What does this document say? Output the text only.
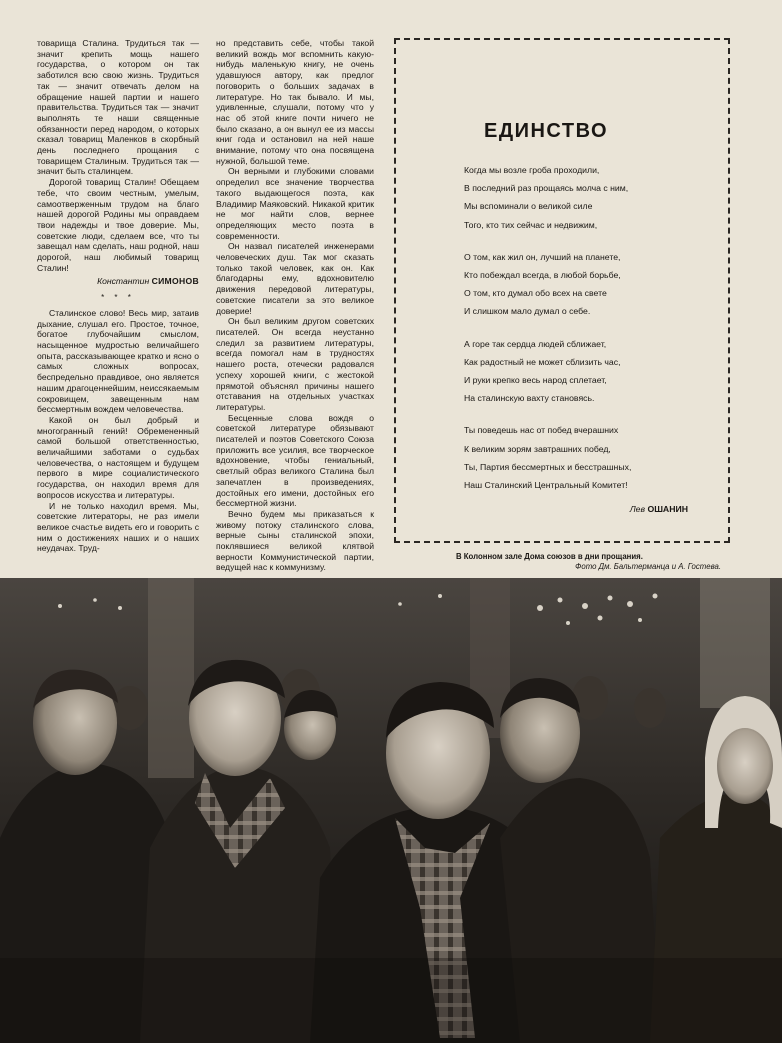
товарища Сталина. Трудиться так — значит крепить мощь нашего государства, о котором он так заботился всю свою жизнь. Трудиться так — значит отвечать делом на обращение нашей партии и нашего правительства. Трудиться так — значит выполнять те наши священные обязанности перед народом, о которых сказал товарищ Маленков в скорбный день последнего прощания с товарищем Сталиным. Трудиться так — значит быть сталинцем.

Дорогой товарищ Сталин! Обещаем тебе, что своим честным, умелым, самоотверженным трудом на благо нашей дорогой Родины мы оправдаем твои надежды и твое доверие. Мы, советские люди, сделаем все, что ты завещал нам сделать, наш родной, наш дорогой, наш любимый товарищ Сталин!

Константин СИМОНОВ
* * *

Сталинское слово! Весь мир, затаив дыхание, слушал его. Простое, точное, богатое глубочайшим смыслом, насыщенное мудростью величайшего опыта, рассказывающее кратко и ясно о самых сложных вопросах, беспредельно правдивое, оно является нашим драгоценнейшим, неиссякаемым сокровищем, завещенным нам бессмертным вождем человечества.

Какой он был добрый и многогранный гений! Обремененный самой большой ответственностью, величайшими заботами о судьбах человечества, о настоящем и будущем первого в мире социалистического государства, он находил время для вопросов искусства и литературы.

И не только находил время. Мы, советские литераторы, не раз имели великое счастье видеть его и говорить с ним о достижениях наших и о наших неудачах. Труд-

но представить себе, чтобы такой великий вождь мог вспомнить какую-нибудь маленькую книгу, не очень удавшуюся автору, как предлог поговорить о больших задачах в литературе. Но так бывало. И мы, удивленные, слушали, потому что у нас об этой книге почти ничего не было сказано, а он вынул ее из массы книг года и остановил на ней наше внимание, потому что она посвящена нужной, большой теме.

Он верными и глубокими словами определил все значение творчества такого выдающегося поэта, как Владимир Маяковский. Никакой критик не мог найти слов, вернее определяющих место поэта в современности.

Он назвал писателей инженерами человеческих душ. Так мог сказать только такой человек, как он. Как благодарны ему, вдохновителю движения передовой литературы, советские писатели за это великое доверие!

Он был великим другом советских писателей. Он всегда неустанно следил за развитием литературы, всегда помогал нам в трудностях нашего роста, отечески радовался успеху хорошей книги, с жестокой прямотой объяснял причины нашего отставания на отдельных участках литературы.

Бесценные слова вождя о советской литературе обязывают писателей и поэтов Советского Союза приложить все усилия, все творческое вдохновение, чтобы гениальный, светлый образ великого Сталина был запечатлен в произведениях, достойных его имени, достойных его бессмертной жизни.

Вечно будем мы приказаться к живому потоку сталинского слова, верные сыны сталинской эпохи, поклявшиеся великой клятвой верности Коммунистической партии, ведущей нас к коммунизму.

ЕДИНСТВО
Когда мы возле гроба проходили,
В последний раз прощаясь молча с ним,
Мы вспоминали о великой силе
Того, кто тих сейчас и недвижим,
О том, как жил он, лучший на планете,
Кто побеждал всегда, в любой борьбе,
О том, кто думал обо всех на свете
И слишком мало думал о себе.
А горе так сердца людей сближает,
Как радостный не может сблизить час,
И руки крепко весь народ сплетает,
На сталинскую вахту становясь.
Ты поведешь нас от побед вчерашних
К великим зорям завтрашних побед,
Ты, Партия бессмертных и бесстрашных,
Наш Сталинский Центральный Комитет!
Лев ОШАНИН
В Колонном зале Дома союзов в дни прощания.
Фото Дм. Бальтерманца и А. Гостева.
